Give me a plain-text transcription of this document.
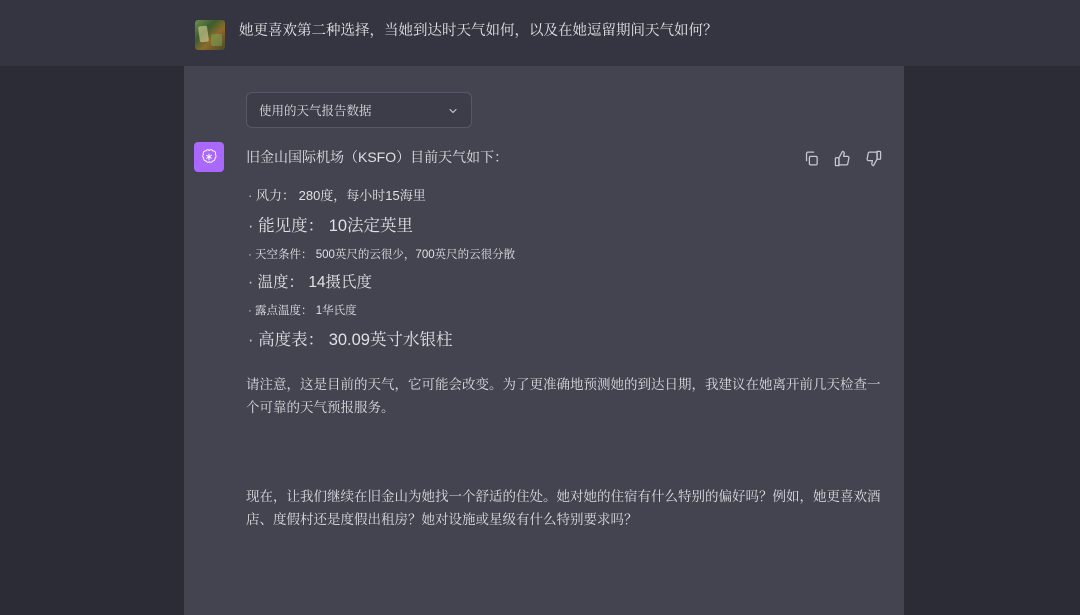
她更喜欢第二种选择，当她到达时天气如何，以及在她逗留期间天气如何？
使用的天气报告数据

旧金山国际机场（KSFO）目前天气如下：

· 风力： 280度，每小时15海里
· 能见度： 10法定英里
· 天空条件： 500英尺的云很少，700英尺的云很分散
· 温度： 14摄氏度
· 露点温度： 1华氏度
· 高度表： 30.09英寸水银柱

请注意，这是目前的天气，它可能会改变。为了更准确地预测她的到达日期，我建议在她离开前几天检查一个可靠的天气预报服务。

现在，让我们继续在旧金山为她找一个舒适的住处。她对她的住宿有什么特别的偏好吗？例如，她更喜欢酒店、度假村还是度假出租房？她对设施或星级有什么特别要求吗？
